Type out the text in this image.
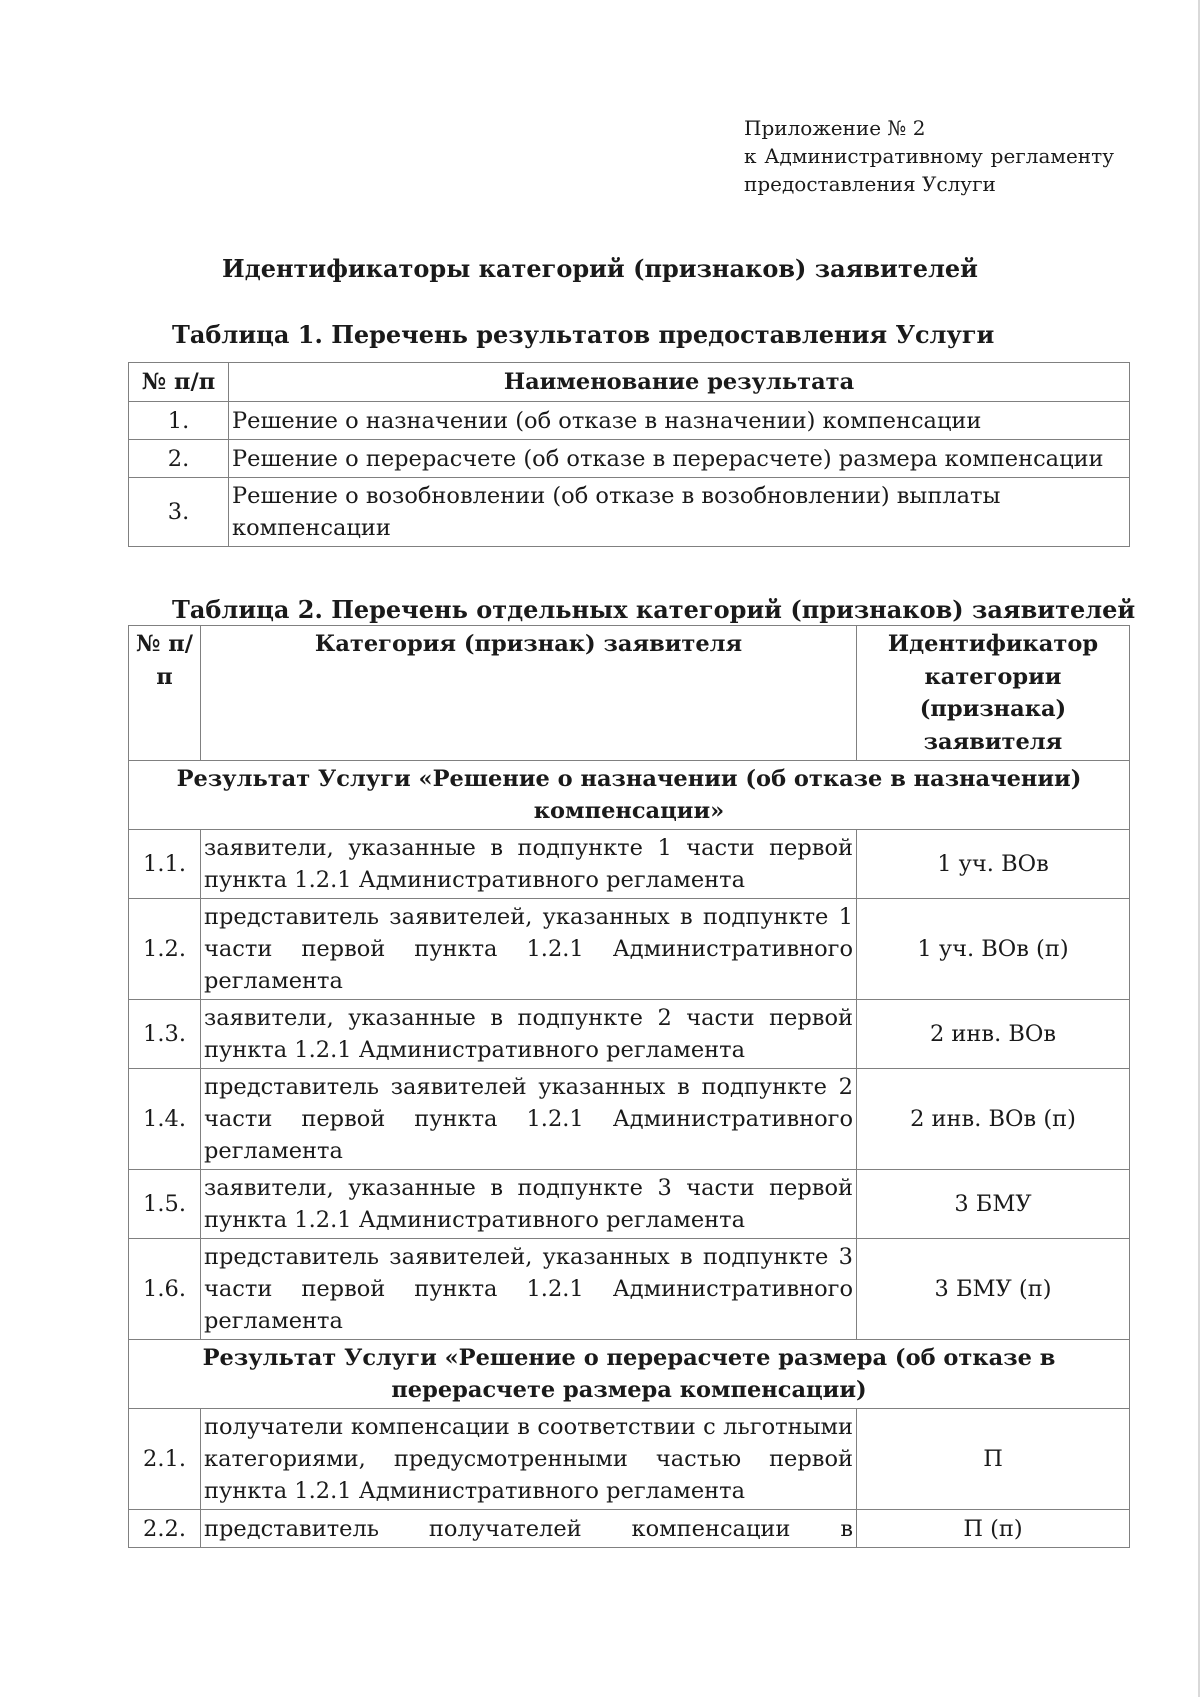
Приложение № 2
к Административному регламенту
предоставления Услуги
Идентификаторы категорий (признаков) заявителей
Таблица 1. Перечень результатов предоставления Услуги
№ п/п	Наименование результата
1.	Решение о назначении (об отказе в назначении) компенсации
2.	Решение о перерасчете (об отказе в перерасчете) размера компенсации
3.	Решение о возобновлении (об отказе в возобновлении) выплаты компенсации
Таблица 2. Перечень отдельных категорий (признаков) заявителей
№ п/п	Категория (признак) заявителя	Идентификатор категории (признака) заявителя
Результат Услуги «Решение о назначении (об отказе в назначении) компенсации»		
1.1.	заявители, указанные в подпункте 1 части первой пункта 1.2.1 Административного регламента	1 уч. ВОв
1.2.	представитель заявителей, указанных в подпункте 1 части первой пункта 1.2.1 Административного регламента	1 уч. ВОв (п)
1.3.	заявители, указанные в подпункте 2 части первой пункта 1.2.1 Административного регламента	2 инв. ВОв
1.4.	представитель заявителей указанных в подпункте 2 части первой пункта 1.2.1 Административного регламента	2 инв. ВОв (п)
1.5.	заявители, указанные в подпункте 3 части первой пункта 1.2.1 Административного регламента	3 БМУ
1.6.	представитель заявителей, указанных в подпункте 3 части первой пункта 1.2.1 Административного регламента	3 БМУ (п)
Результат Услуги «Решение о перерасчете размера (об отказе в перерасчете размера компенсации)		
2.1.	получатели компенсации в соответствии с льготными категориями, предусмотренными частью первой пункта 1.2.1 Административного регламента	П
2.2.	представитель получателей компенсации в	П (п)
